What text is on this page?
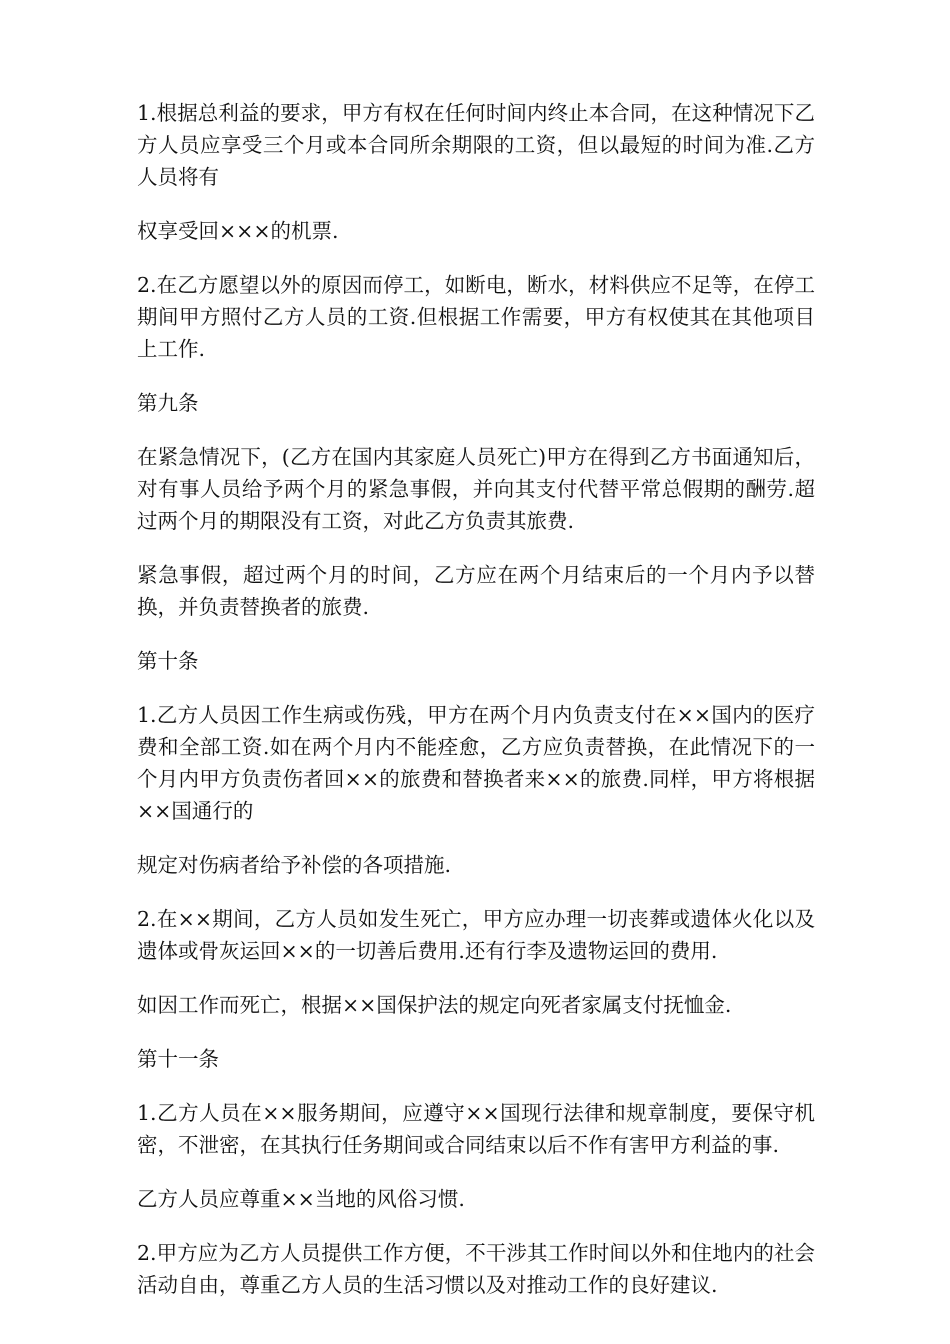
1.根据总利益的要求，甲方有权在任何时间内终止本合同，在这种情况下乙方人员应享受三个月或本合同所余期限的工资，但以最短的时间为准.乙方人员将有

权享受回×××的机票.

2.在乙方愿望以外的原因而停工，如断电，断水，材料供应不足等，在停工期间甲方照付乙方人员的工资.但根据工作需要，甲方有权使其在其他项目上工作.

第九条

在紧急情况下，(乙方在国内其家庭人员死亡)甲方在得到乙方书面通知后，对有事人员给予两个月的紧急事假，并向其支付代替平常总假期的酬劳.超过两个月的期限没有工资，对此乙方负责其旅费.

紧急事假，超过两个月的时间，乙方应在两个月结束后的一个月内予以替换，并负责替换者的旅费.

第十条

1.乙方人员因工作生病或伤残，甲方在两个月内负责支付在××国内的医疗费和全部工资.如在两个月内不能痊愈，乙方应负责替换，在此情况下的一个月内甲方负责伤者回××的旅费和替换者来××的旅费.同样，甲方将根据××国通行的

规定对伤病者给予补偿的各项措施.

2.在××期间，乙方人员如发生死亡，甲方应办理一切丧葬或遗体火化以及遗体或骨灰运回××的一切善后费用.还有行李及遗物运回的费用.

如因工作而死亡，根据××国保护法的规定向死者家属支付抚恤金.

第十一条

1.乙方人员在××服务期间，应遵守××国现行法律和规章制度，要保守机密，不泄密，在其执行任务期间或合同结束以后不作有害甲方利益的事.

乙方人员应尊重××当地的风俗习惯.

2.甲方应为乙方人员提供工作方便，不干涉其工作时间以外和住地内的社会活动自由，尊重乙方人员的生活习惯以及对推动工作的良好建议.
